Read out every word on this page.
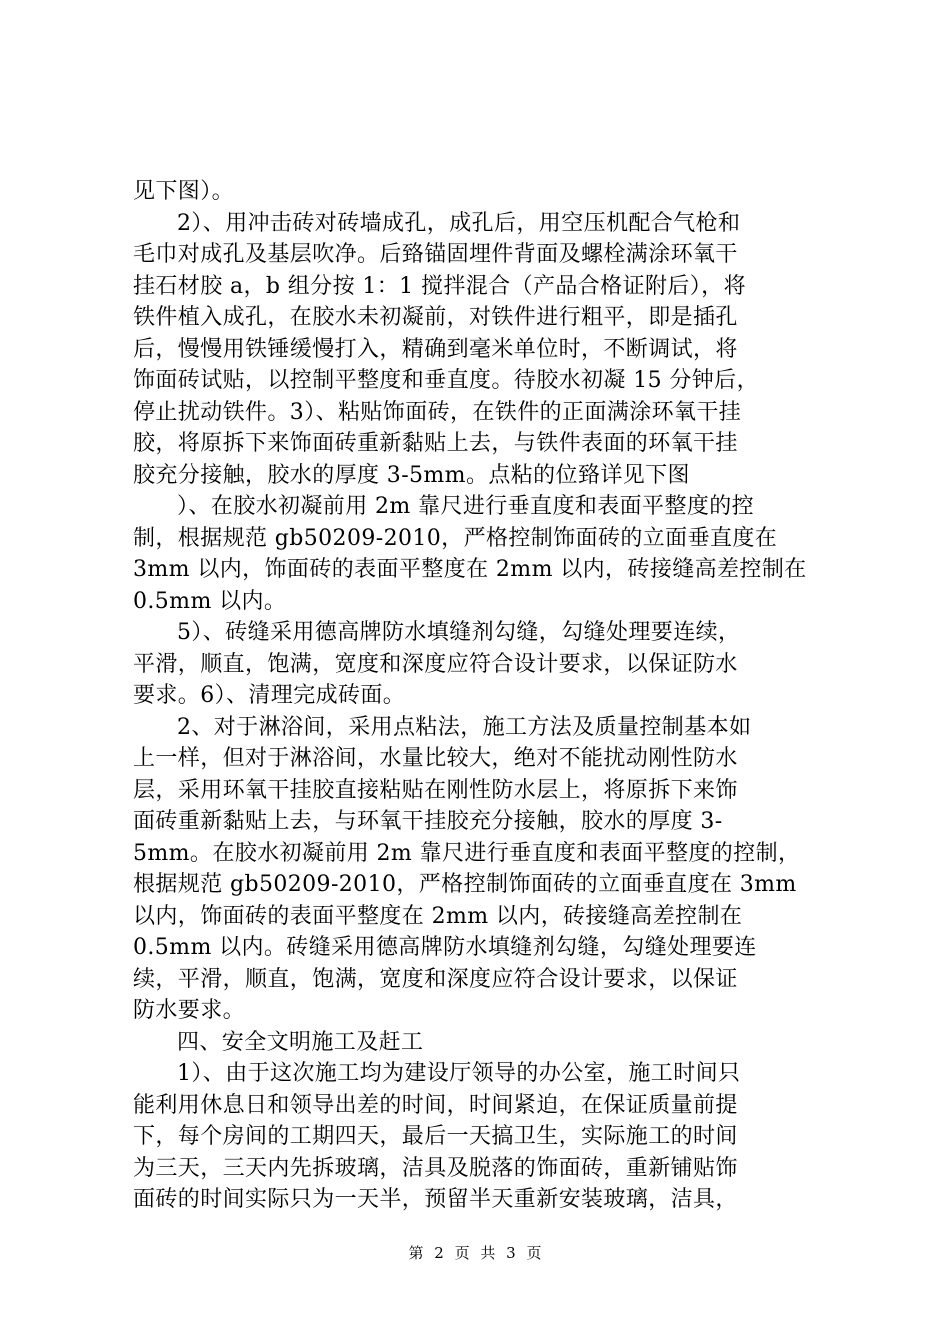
见下图）。
2）、用冲击砖对砖墙成孔，成孔后，用空压机配合气枪和
毛巾对成孔及基层吹净。后臵锚固埋件背面及螺栓满涂环氧干
挂石材胶 a，b 组分按 1：1 搅拌混合（产品合格证附后），将
铁件植入成孔，在胶水未初凝前，对铁件进行粗平，即是插孔
后，慢慢用铁锤缓慢打入，精确到毫米单位时，不断调试，将
饰面砖试贴，以控制平整度和垂直度。待胶水初凝 15 分钟后，
停止扰动铁件。3）、粘贴饰面砖，在铁件的正面满涂环氧干挂
胶，将原拆下来饰面砖重新黏贴上去，与铁件表面的环氧干挂
胶充分接触，胶水的厚度 3-5mm。点粘的位臵详见下图
）、在胶水初凝前用 2m 靠尺进行垂直度和表面平整度的控
制，根据规范 gb50209-2010，严格控制饰面砖的立面垂直度在
3mm 以内，饰面砖的表面平整度在 2mm 以内，砖接缝高差控制在
0.5mm 以内。
5）、砖缝采用德高牌防水填缝剂勾缝，勾缝处理要连续，
平滑，顺直，饱满，宽度和深度应符合设计要求，以保证防水
要求。6）、清理完成砖面。
2、对于淋浴间，采用点粘法，施工方法及质量控制基本如
上一样，但对于淋浴间，水量比较大，绝对不能扰动刚性防水
层，采用环氧干挂胶直接粘贴在刚性防水层上，将原拆下来饰
面砖重新黏贴上去，与环氧干挂胶充分接触，胶水的厚度 3-
5mm。在胶水初凝前用 2m 靠尺进行垂直度和表面平整度的控制，
根据规范 gb50209-2010，严格控制饰面砖的立面垂直度在 3mm
以内，饰面砖的表面平整度在 2mm 以内，砖接缝高差控制在
0.5mm 以内。砖缝采用德高牌防水填缝剂勾缝，勾缝处理要连
续，平滑，顺直，饱满，宽度和深度应符合设计要求，以保证
防水要求。
四、安全文明施工及赶工
1）、由于这次施工均为建设厅领导的办公室，施工时间只
能利用休息日和领导出差的时间，时间紧迫，在保证质量前提
下，每个房间的工期四天，最后一天搞卫生，实际施工的时间
为三天，三天内先拆玻璃，洁具及脱落的饰面砖，重新铺贴饰
面砖的时间实际只为一天半，预留半天重新安装玻璃，洁具，
第 2 页 共 3 页
